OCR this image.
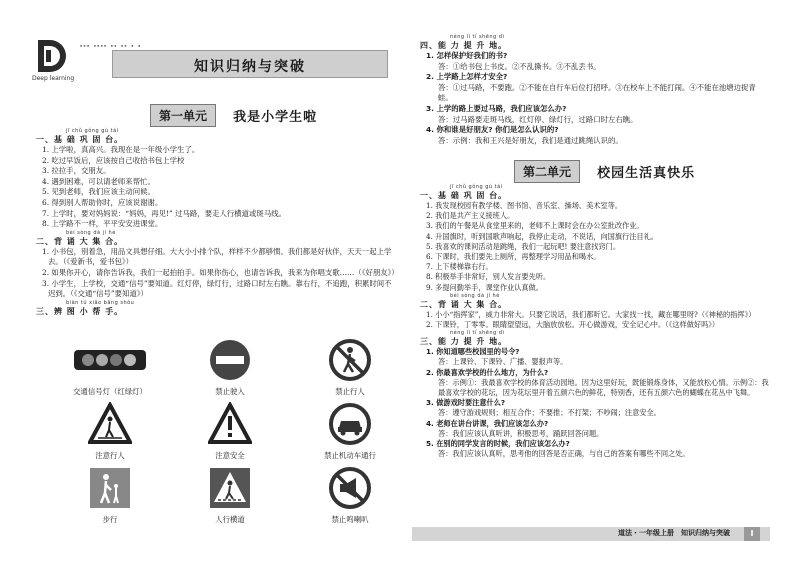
Deep learning
▪▪▪ ▪▪▪▪ ▪▪ ▪▪ ▪ ▪
知识归纳与突破
第一单元 我是小学生啦
jī chǔ gǒng gù tái
一、基 础 巩 固 台。
1. 上学啦，真高兴。我现在是一年级小学生了。
2. 吃过早饭后，应该按自己收拾书包上学校
3. 拉拉手，交朋友。
4. 遇到困难，可以请老师来帮忙。
5. 见到老师，我们应该主动问候。
6. 得到别人帮助你时，应该说谢谢。
7. 上学时，要对妈妈说：“妈妈，再见!” 过马路，要走人行横道或斑马线。
8. 上学路不一样，平平安安进课堂。
bèi sòng dà jí hé
二、背 诵 大 集 合。
1. 小书包，别着急，用品文具想仔细。大大小小排个队，样样不少都够惯。我们都是好伙伴，天天一起上学去。（《爱新书，爱书包》）
2. 如果你开心，请你告诉我，我们一起拍拍手。如果你伤心，也请告诉我，我来为你唱支歌……（《好朋友》）
3. 小学生，上学校，交通“信号”要知道。红灯停，绿灯行，过路口时左右瞧。靠右行，不追跑，积累时间不迟到。（《交通“信号”要知道》）
biàn tú xiǎo bāng shǒu
三、辨 图 小 帮 手。
交通信号灯（红绿灯）	禁止驶入	禁止行人
注意行人	注意安全	禁止机动车通行
步行	人行横道	禁止鸣喇叭
néng lì tí shēng dì
四、能 力 提 升 地。
1. 怎样保护好我们的书?
答：①给书包上书皮。②不乱撕书。③不乱丢书。
2. 上学路上怎样才安全?
答：①过马路，不要跑。②不能在自行车后位打招呼。③在校车上不能打闹。④不能在池塘边捉青蛙。
3. 上学的路上要过马路，我们应该怎么办?
答：过马路要走斑马线，红灯停、绿灯行，过路口时左右瞧。
4. 你和谁是好朋友? 你们是怎么认识的?
答：示例：我和王兴是好朋友，我们是通过跳绳认识的。
第二单元 校园生活真快乐
jī chǔ gǒng gù tái
一、基 础 巩 固 台。
1. 我发现校园有教学楼、图书馆、音乐室、操场、美术室等。
2. 我们是共产主义接班人。
3. 我们的午餐是从食堂里来的，老师不上课时会在办公室批改作业。
4. 升国旗时，听到国歌声响起，我停止走动，不说话，向国旗行注目礼。
5. 我喜欢的课间活动是跳绳，我们一起玩吧! 要注意找窍门。
6. 下课时，我们要先上厕所，再整理学习用品和喝水。
7. 上下楼梯靠右行。
8. 积极举手非常好，别人发言要先听。
9. 多提问勤举手，课堂作业认真做。
bèi sòng dà jí hé
二、背 诵 大 集 合。
1. 小小“指挥家”，威力非常大。只要它说话，我们都听它。大家找一找，藏在哪里呀?（《神秘的指挥》）
2. 下课铃，丁零零。眼睛望望远，大脑放放松。开心做游戏，安全记心中。（《这样做好吗》）
néng lì tí shēng dì
三、能 力 提 升 地。
1. 你知道哪些校园里的号令?
答：上课铃、下课铃、广播、婴报声等。
2. 你最喜欢学校的什么地方，为什么?
答：示例①：我最喜欢学校的体育活动园地。因为这里好玩，既能锻炼身体，又能放松心情。示例②：我最喜欢学校的花坛，因为花坛里开着五颜六色的鲜花，特别香，还有五颜六色的蝴蝶在花丛中飞舞。
3. 做游戏时要注意什么?
答：遵守游戏规则；相互合作；不要推；不打架；不吵闹；注意安全。
4. 老师在讲台讲课，我们应该怎么办?
答：我们应该认真听讲，积极思考，踊跃回答问题。
5. 在别的同学发言的时候，我们应该怎么办?
答：我们应该认真听，思考他的回答是否正确，与自己的答案有哪些不同之处。
道法・一年级上册　知识归纳与突破	I
